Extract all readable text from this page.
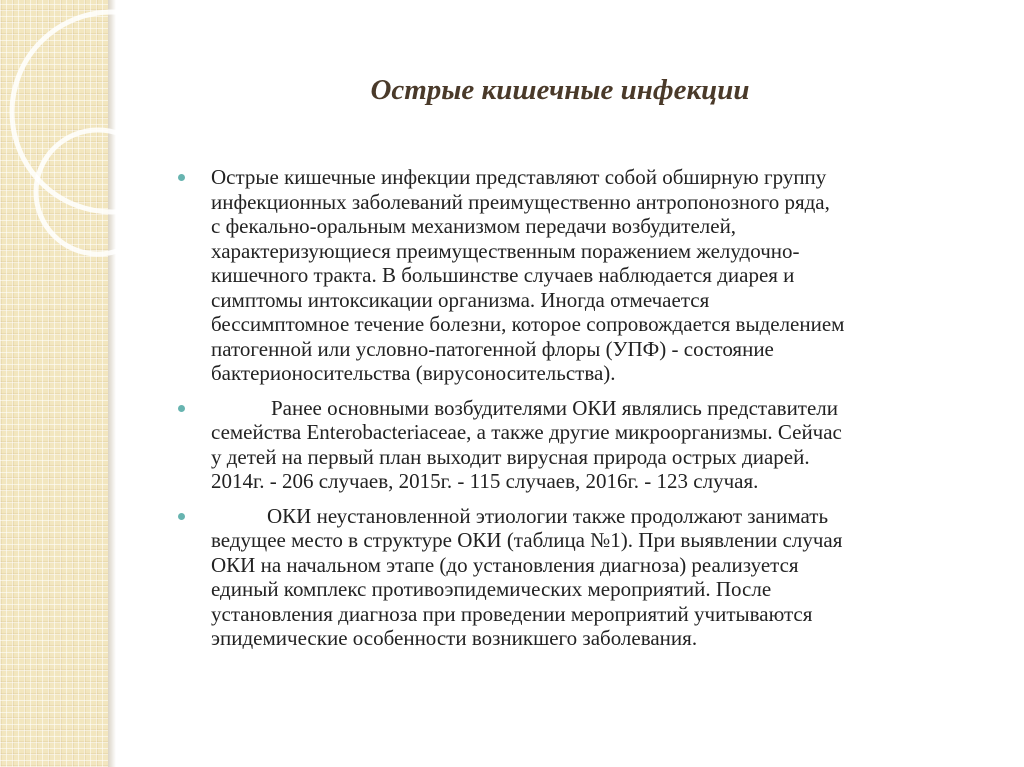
Острые кишечные инфекции
Острые кишечные инфекции представляют собой обширную группу
инфекционных заболеваний преимущественно антропонозного ряда,
с фекально-оральным механизмом передачи возбудителей,
характеризующиеся преимущественным поражением желудочно-
кишечного тракта. В большинстве случаев наблюдается диарея и
симптомы интоксикации организма. Иногда отмечается
бессимптомное течение болезни, которое сопровождается выделением
патогенной или условно-патогенной флоры (УПФ) - состояние
бактерионосительства (вирусоносительства).
Ранее основными возбудителями ОКИ являлись представители
семейства Enterobacteriaceae, а также другие микроорганизмы. Сейчас
у детей на первый план выходит вирусная природа острых диарей.
2014г. - 206 случаев, 2015г. - 115 случаев, 2016г. - 123 случая.
ОКИ неустановленной этиологии также продолжают занимать
ведущее место в структуре ОКИ (таблица №1). При выявлении случая
ОКИ на начальном этапе (до установления диагноза) реализуется
единый комплекс противоэпидемических мероприятий. После
установления диагноза при проведении мероприятий учитываются
эпидемические особенности возникшего заболевания.
